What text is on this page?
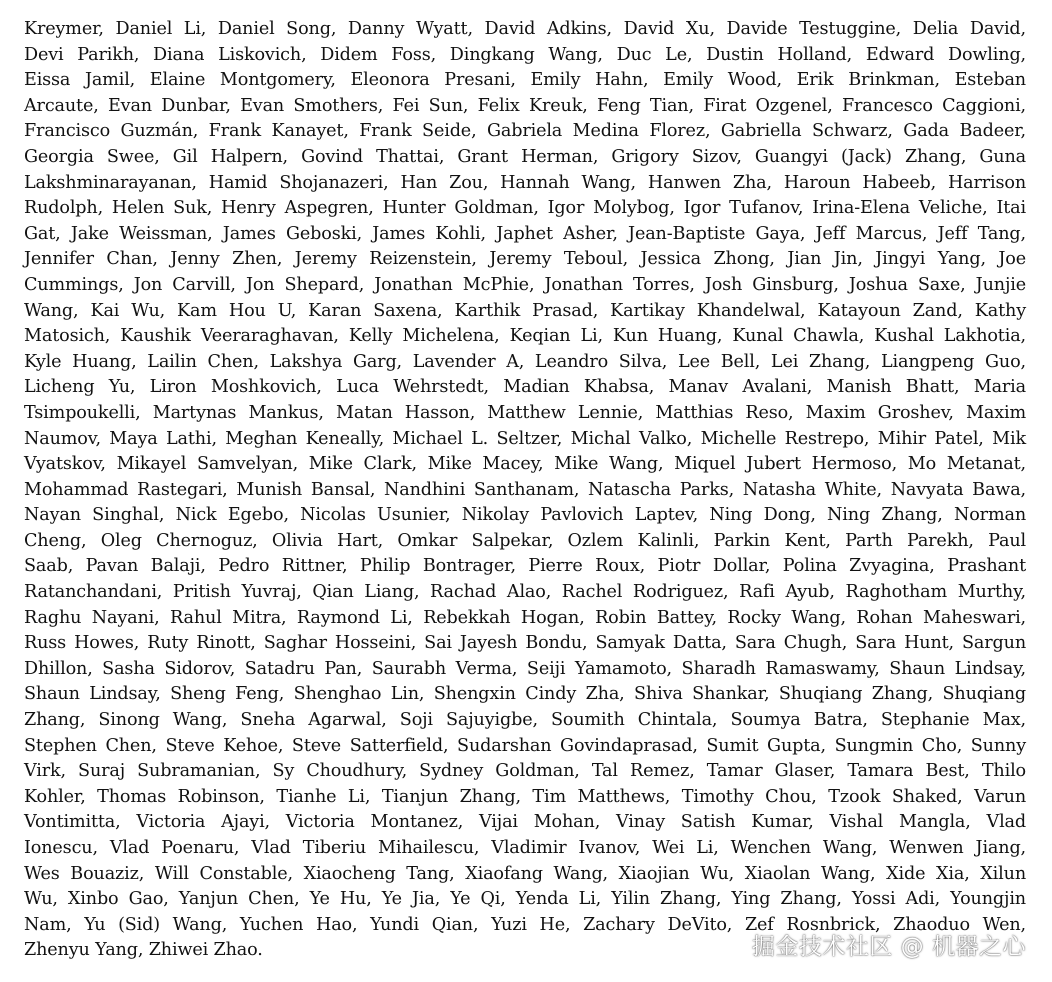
Kreymer, Daniel Li, Daniel Song, Danny Wyatt, David Adkins, David Xu, Davide Testuggine, Delia David,
Devi Parikh, Diana Liskovich, Didem Foss, Dingkang Wang, Duc Le, Dustin Holland, Edward Dowling,
Eissa Jamil, Elaine Montgomery, Eleonora Presani, Emily Hahn, Emily Wood, Erik Brinkman, Esteban
Arcaute, Evan Dunbar, Evan Smothers, Fei Sun, Felix Kreuk, Feng Tian, Firat Ozgenel, Francesco Caggioni,
Francisco Guzmán, Frank Kanayet, Frank Seide, Gabriela Medina Florez, Gabriella Schwarz, Gada Badeer,
Georgia Swee, Gil Halpern, Govind Thattai, Grant Herman, Grigory Sizov, Guangyi (Jack) Zhang, Guna
Lakshminarayanan, Hamid Shojanazeri, Han Zou, Hannah Wang, Hanwen Zha, Haroun Habeeb, Harrison
Rudolph, Helen Suk, Henry Aspegren, Hunter Goldman, Igor Molybog, Igor Tufanov, Irina-Elena Veliche, Itai
Gat, Jake Weissman, James Geboski, James Kohli, Japhet Asher, Jean-Baptiste Gaya, Jeff Marcus, Jeff Tang,
Jennifer Chan, Jenny Zhen, Jeremy Reizenstein, Jeremy Teboul, Jessica Zhong, Jian Jin, Jingyi Yang, Joe
Cummings, Jon Carvill, Jon Shepard, Jonathan McPhie, Jonathan Torres, Josh Ginsburg, Joshua Saxe, Junjie
Wang, Kai Wu, Kam Hou U, Karan Saxena, Karthik Prasad, Kartikay Khandelwal, Katayoun Zand, Kathy
Matosich, Kaushik Veeraraghavan, Kelly Michelena, Keqian Li, Kun Huang, Kunal Chawla, Kushal Lakhotia,
Kyle Huang, Lailin Chen, Lakshya Garg, Lavender A, Leandro Silva, Lee Bell, Lei Zhang, Liangpeng Guo,
Licheng Yu, Liron Moshkovich, Luca Wehrstedt, Madian Khabsa, Manav Avalani, Manish Bhatt, Maria
Tsimpoukelli, Martynas Mankus, Matan Hasson, Matthew Lennie, Matthias Reso, Maxim Groshev, Maxim
Naumov, Maya Lathi, Meghan Keneally, Michael L. Seltzer, Michal Valko, Michelle Restrepo, Mihir Patel, Mik
Vyatskov, Mikayel Samvelyan, Mike Clark, Mike Macey, Mike Wang, Miquel Jubert Hermoso, Mo Metanat,
Mohammad Rastegari, Munish Bansal, Nandhini Santhanam, Natascha Parks, Natasha White, Navyata Bawa,
Nayan Singhal, Nick Egebo, Nicolas Usunier, Nikolay Pavlovich Laptev, Ning Dong, Ning Zhang, Norman
Cheng, Oleg Chernoguz, Olivia Hart, Omkar Salpekar, Ozlem Kalinli, Parkin Kent, Parth Parekh, Paul
Saab, Pavan Balaji, Pedro Rittner, Philip Bontrager, Pierre Roux, Piotr Dollar, Polina Zvyagina, Prashant
Ratanchandani, Pritish Yuvraj, Qian Liang, Rachad Alao, Rachel Rodriguez, Rafi Ayub, Raghotham Murthy,
Raghu Nayani, Rahul Mitra, Raymond Li, Rebekkah Hogan, Robin Battey, Rocky Wang, Rohan Maheswari,
Russ Howes, Ruty Rinott, Saghar Hosseini, Sai Jayesh Bondu, Samyak Datta, Sara Chugh, Sara Hunt, Sargun
Dhillon, Sasha Sidorov, Satadru Pan, Saurabh Verma, Seiji Yamamoto, Sharadh Ramaswamy, Shaun Lindsay,
Shaun Lindsay, Sheng Feng, Shenghao Lin, Shengxin Cindy Zha, Shiva Shankar, Shuqiang Zhang, Shuqiang
Zhang, Sinong Wang, Sneha Agarwal, Soji Sajuyigbe, Soumith Chintala, Soumya Batra, Stephanie Max,
Stephen Chen, Steve Kehoe, Steve Satterfield, Sudarshan Govindaprasad, Sumit Gupta, Sungmin Cho, Sunny
Virk, Suraj Subramanian, Sy Choudhury, Sydney Goldman, Tal Remez, Tamar Glaser, Tamara Best, Thilo
Kohler, Thomas Robinson, Tianhe Li, Tianjun Zhang, Tim Matthews, Timothy Chou, Tzook Shaked, Varun
Vontimitta, Victoria Ajayi, Victoria Montanez, Vijai Mohan, Vinay Satish Kumar, Vishal Mangla, Vlad
Ionescu, Vlad Poenaru, Vlad Tiberiu Mihailescu, Vladimir Ivanov, Wei Li, Wenchen Wang, Wenwen Jiang,
Wes Bouaziz, Will Constable, Xiaocheng Tang, Xiaofang Wang, Xiaojian Wu, Xiaolan Wang, Xide Xia, Xilun
Wu, Xinbo Gao, Yanjun Chen, Ye Hu, Ye Jia, Ye Qi, Yenda Li, Yilin Zhang, Ying Zhang, Yossi Adi, Youngjin
Nam, Yu (Sid) Wang, Yuchen Hao, Yundi Qian, Yuzi He, Zachary DeVito, Zef Rosnbrick, Zhaoduo Wen,
Zhenyu Yang, Zhiwei Zhao.	掘金技术社区 @ 机器之心
